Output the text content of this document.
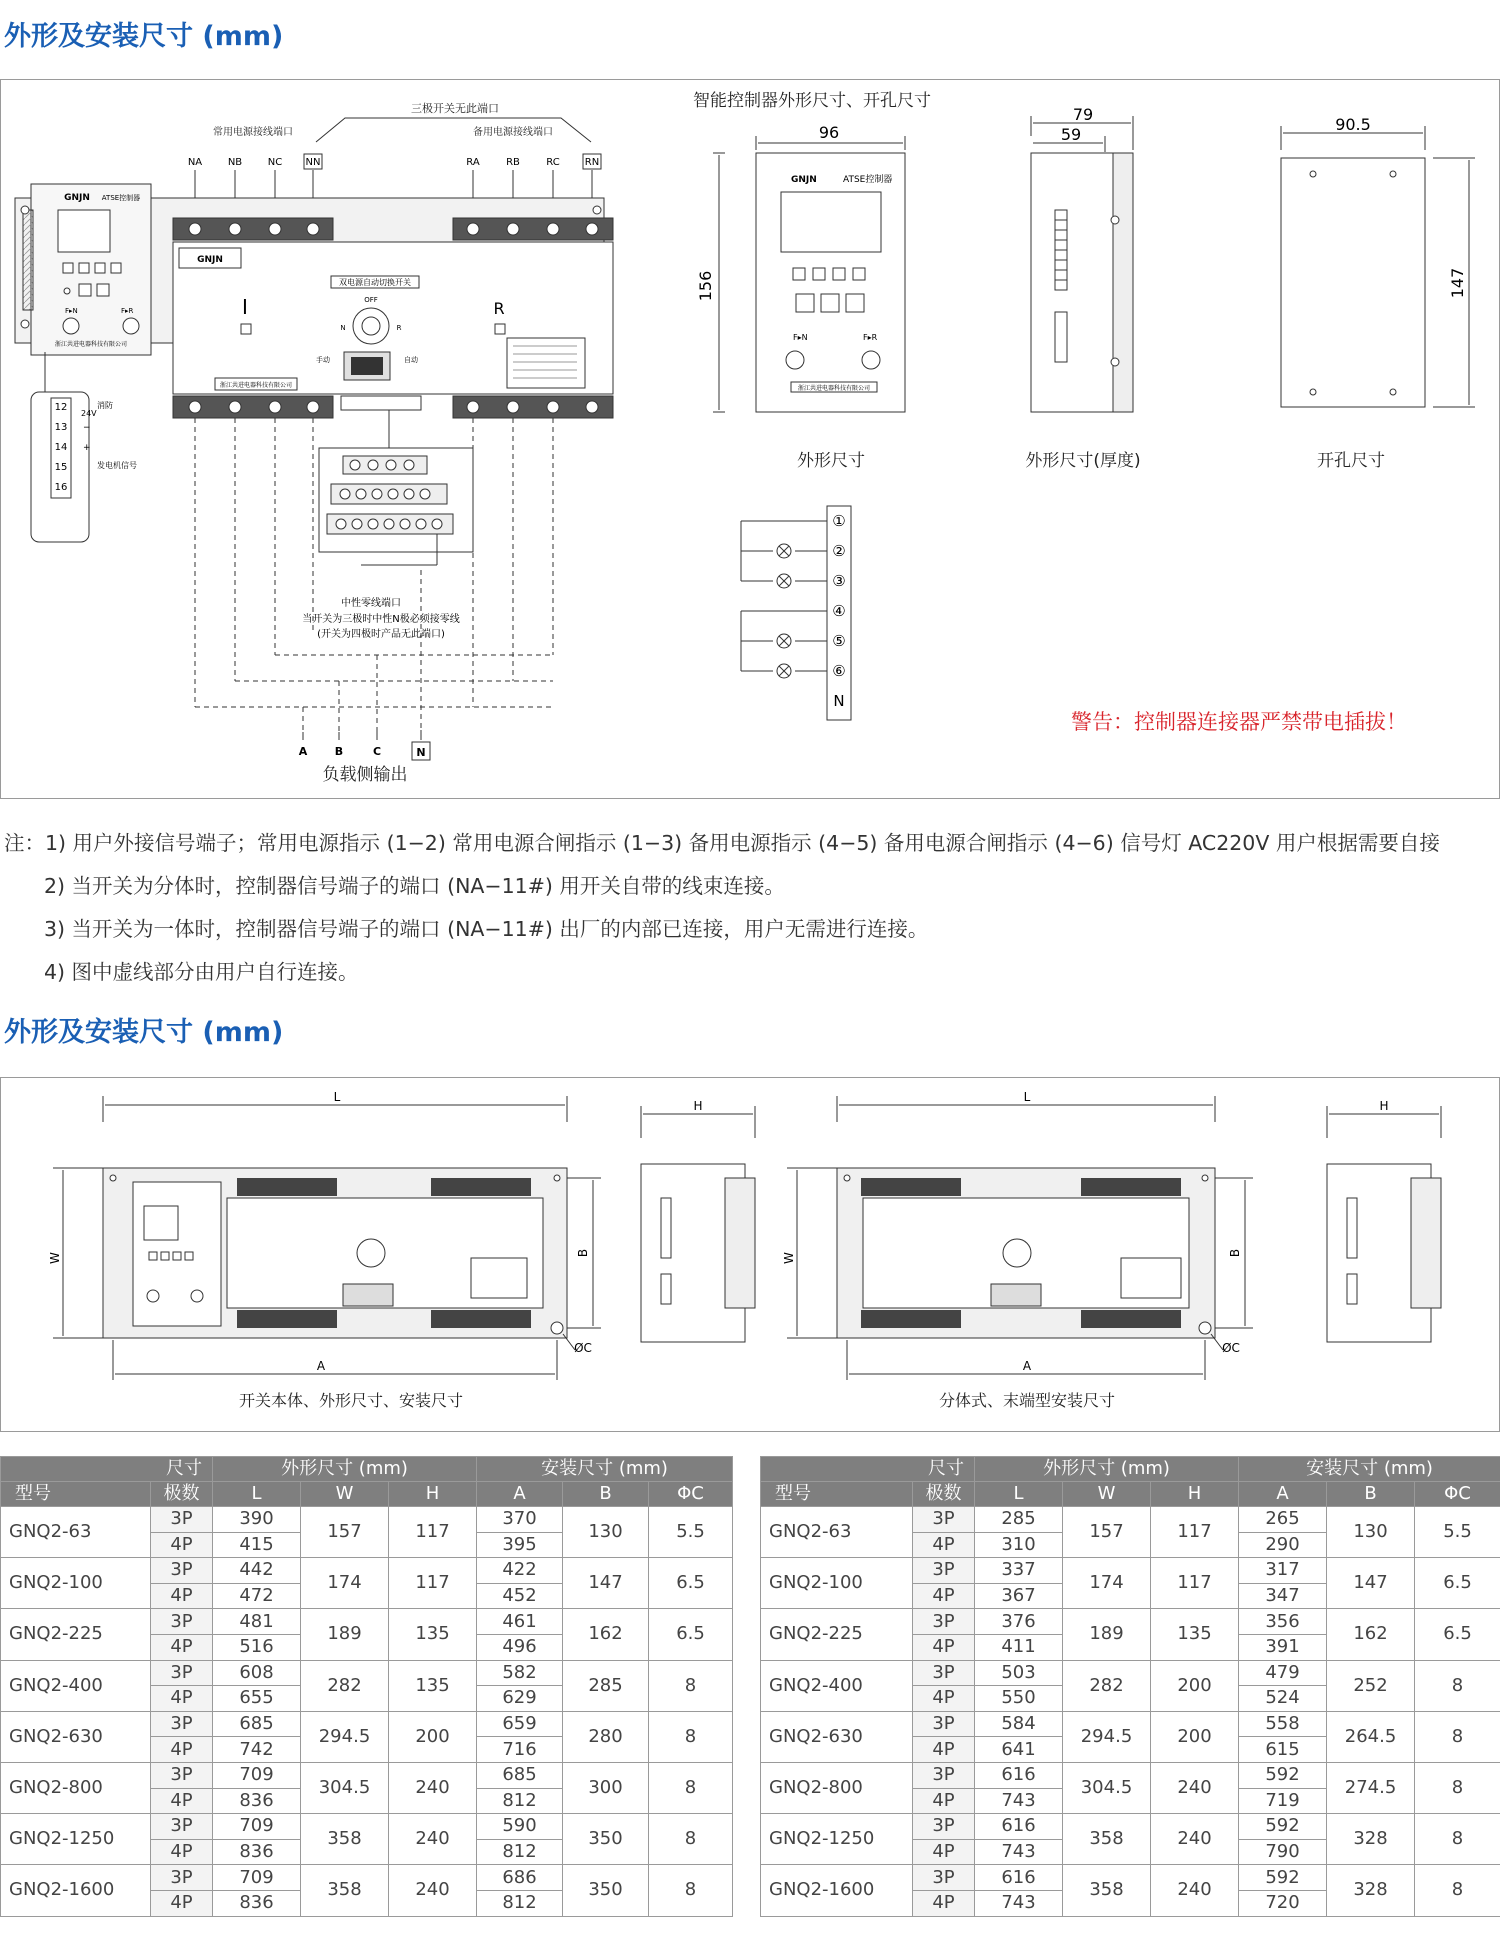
外形及安装尺寸 (mm)
三极开关无此端口
常用电源接线端口	备用电源接线端口
NA	NB	NC NN	RA	RB	RC	RN
GNJN ATSE控制器
F▸N	F▸R
浙江共进电器科技有限公司
GNJN
双电源自动切换开关
I	R
OFF
N	R
手动	自动
浙江共进电器科技有限公司
12
13
14
15
16
消防
24V
−
+
发电机信号
中性零线端口
当开关为三极时中性N极必须接零线
(开关为四极时产品无此端口)
A	B	C	N
负载侧输出
智能控制器外形尺寸、开孔尺寸
96
156
GNJN	ATSE控制器
F▸N	F▸R
浙江共进电器科技有限公司
外形尺寸
79
59
外形尺寸(厚度)
90.5
147
开孔尺寸
①
②
③
④
⑤
⑥
N
警告：控制器连接器严禁带电插拔！
注：1) 用户外接信号端子；常用电源指示 (1−2) 常用电源合闸指示 (1−3) 备用电源指示 (4−5) 备用电源合闸指示 (4−6) 信号灯 AC220V 用户根据需要自接
2) 当开关为分体时，控制器信号端子的端口 (NA−11#) 用开关自带的线束连接。
3) 当开关为一体时，控制器信号端子的端口 (NA−11#) 出厂的内部已连接，用户无需进行连接。
4) 图中虚线部分由用户自行连接。
外形及安装尺寸 (mm)
L
W	B
A
ØC
开关本体、外形尺寸、安装尺寸
H
L
W	B
A
ØC
分体式、末端型安装尺寸
H
尺寸		外形尺寸 (mm)			安装尺寸 (mm)		
型号	极数	L	W	H	A	B	ΦC
GNQ2-63	3P	390	157	117	370	130	5.5
	4P	415			395		
GNQ2-100	3P	442	174	117	422	147	6.5
	4P	472			452		
GNQ2-225	3P	481	189	135	461	162	6.5
	4P	516			496		
GNQ2-400	3P	608	282	135	582	285	8
	4P	655			629		
GNQ2-630	3P	685	294.5	200	659	280	8
	4P	742			716		
GNQ2-800	3P	709	304.5	240	685	300	8
	4P	836			812		
GNQ2-1250	3P	709	358	240	590	350	8
	4P	836			812		
GNQ2-1600	3P	709	358	240	686	350	8
	4P	836			812		
尺寸		外形尺寸 (mm)			安装尺寸 (mm)		
型号	极数	L	W	H	A	B	ΦC
GNQ2-63	3P	285	157	117	265	130	5.5
	4P	310			290		
GNQ2-100	3P	337	174	117	317	147	6.5
	4P	367			347		
GNQ2-225	3P	376	189	135	356	162	6.5
	4P	411			391		
GNQ2-400	3P	503	282	200	479	252	8
	4P	550			524		
GNQ2-630	3P	584	294.5	200	558	264.5	8
	4P	641			615		
GNQ2-800	3P	616	304.5	240	592	274.5	8
	4P	743			719		
GNQ2-1250	3P	616	358	240	592	328	8
	4P	743			790		
GNQ2-1600	3P	616	358	240	592	328	8
	4P	743			720		
